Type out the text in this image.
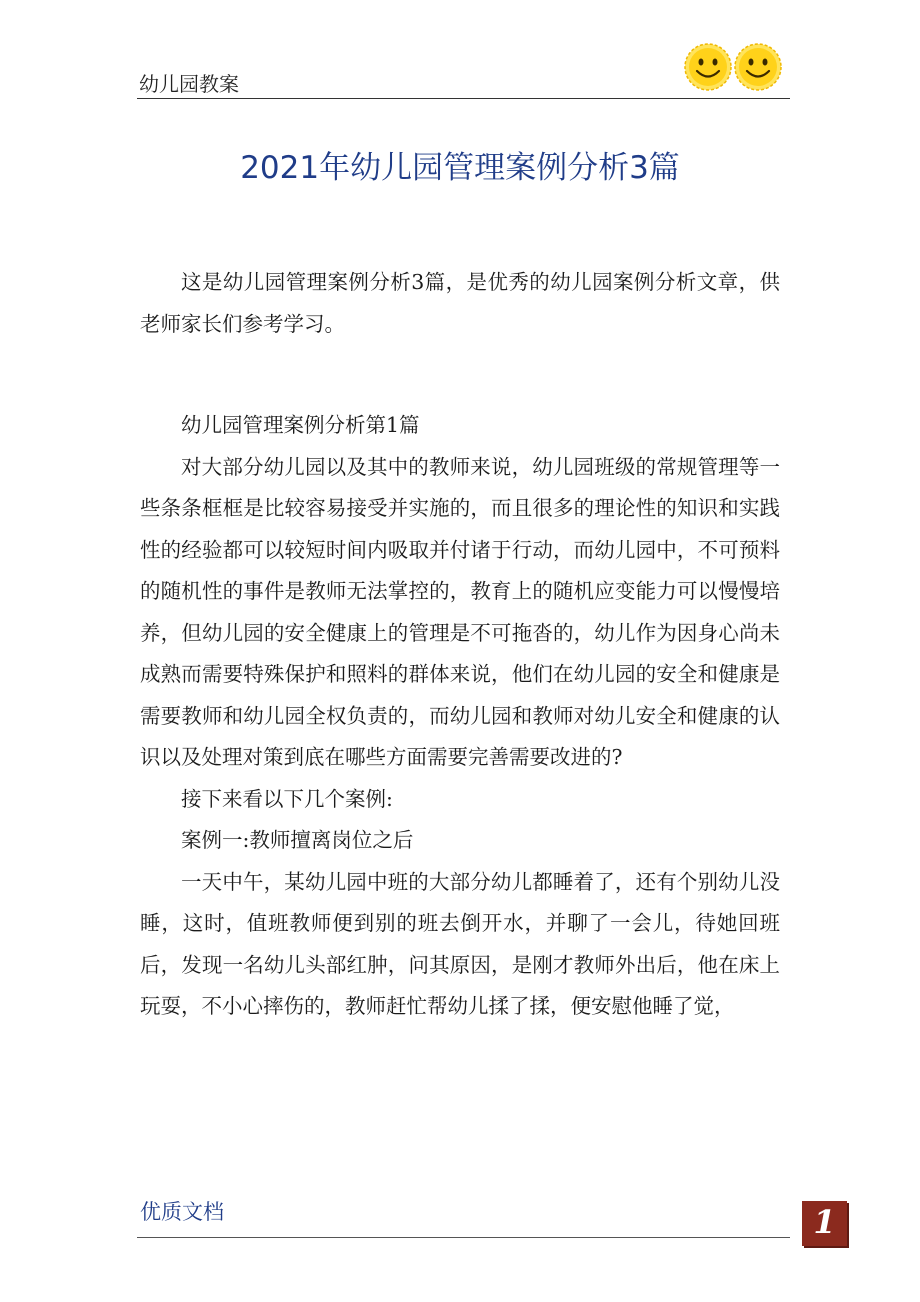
幼儿园教案
2021年幼儿园管理案例分析3篇

这是幼儿园管理案例分析3篇，是优秀的幼儿园案例分析文章，供老师家长们参考学习。

幼儿园管理案例分析第1篇

对大部分幼儿园以及其中的教师来说，幼儿园班级的常规管理等一些条条框框是比较容易接受并实施的，而且很多的理论性的知识和实践性的经验都可以较短时间内吸取并付诸于行动，而幼儿园中，不可预料的随机性的事件是教师无法掌控的，教育上的随机应变能力可以慢慢培养，但幼儿园的安全健康上的管理是不可拖沓的，幼儿作为因身心尚未成熟而需要特殊保护和照料的群体来说，他们在幼儿园的安全和健康是需要教师和幼儿园全权负责的，而幼儿园和教师对幼儿安全和健康的认识以及处理对策到底在哪些方面需要完善需要改进的?

接下来看以下几个案例:

案例一:教师擅离岗位之后

一天中午，某幼儿园中班的大部分幼儿都睡着了，还有个别幼儿没睡，这时，值班教师便到别的班去倒开水，并聊了一会儿，待她回班后，发现一名幼儿头部红肿，问其原因，是刚才教师外出后，他在床上玩耍，不小心摔伤的，教师赶忙帮幼儿揉了揉，便安慰他睡了觉，

优质文档	1
